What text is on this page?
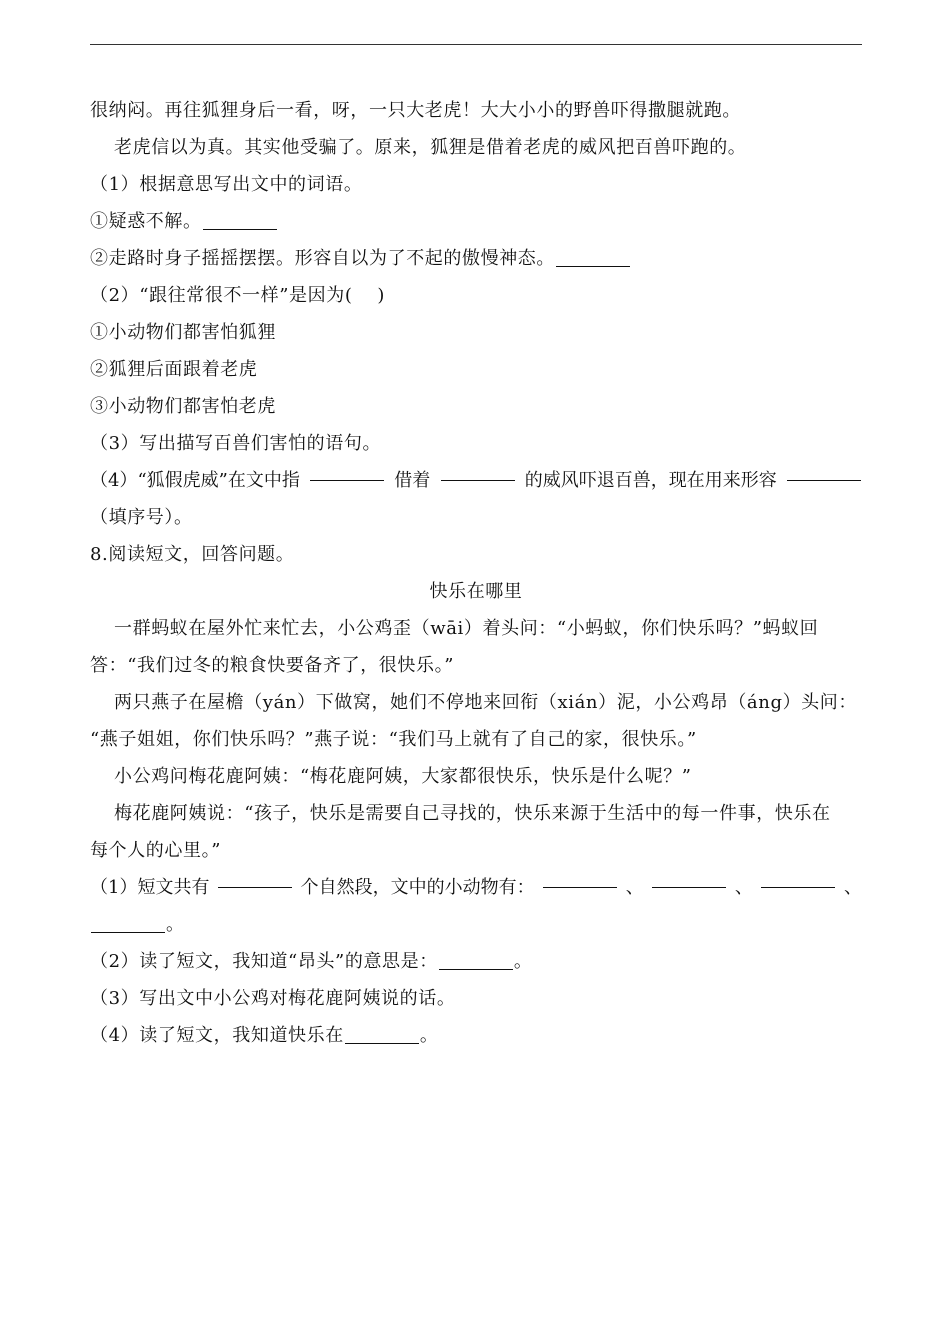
很纳闷。再往狐狸身后一看，呀，一只大老虎！大大小小的野兽吓得撒腿就跑。
老虎信以为真。其实他受骗了。原来，狐狸是借着老虎的威风把百兽吓跑的。
（1）根据意思写出文中的词语。
①疑惑不解。
②走路时身子摇摇摆摆。形容自以为了不起的傲慢神态。
（2）“跟往常很不一样”是因为(　 )
①小动物们都害怕狐狸
②狐狸后面跟着老虎
③小动物们都害怕老虎
（3）写出描写百兽们害怕的语句。
（4）“狐假虎威”在文中指	借着	的威风吓退百兽，现在用来形容
（填序号）。
8.阅读短文，回答问题。
快乐在哪里
一群蚂蚁在屋外忙来忙去，小公鸡歪（wāi）着头问：“小蚂蚁，你们快乐吗？”蚂蚁回
答：“我们过冬的粮食快要备齐了，很快乐。”
两只燕子在屋檐（yán）下做窝，她们不停地来回衔（xián）泥，小公鸡昂（áng）头问：
“燕子姐姐，你们快乐吗？”燕子说：“我们马上就有了自己的家，很快乐。”
小公鸡问梅花鹿阿姨：“梅花鹿阿姨，大家都很快乐，快乐是什么呢？”
梅花鹿阿姨说：“孩子，快乐是需要自己寻找的，快乐来源于生活中的每一件事，快乐在
每个人的心里。”
（1）短文共有	个自然段，文中的小动物有：	、	、	、
。
（2）读了短文，我知道“昂头”的意思是：	。
（3）写出文中小公鸡对梅花鹿阿姨说的话。
（4）读了短文，我知道快乐在	。
